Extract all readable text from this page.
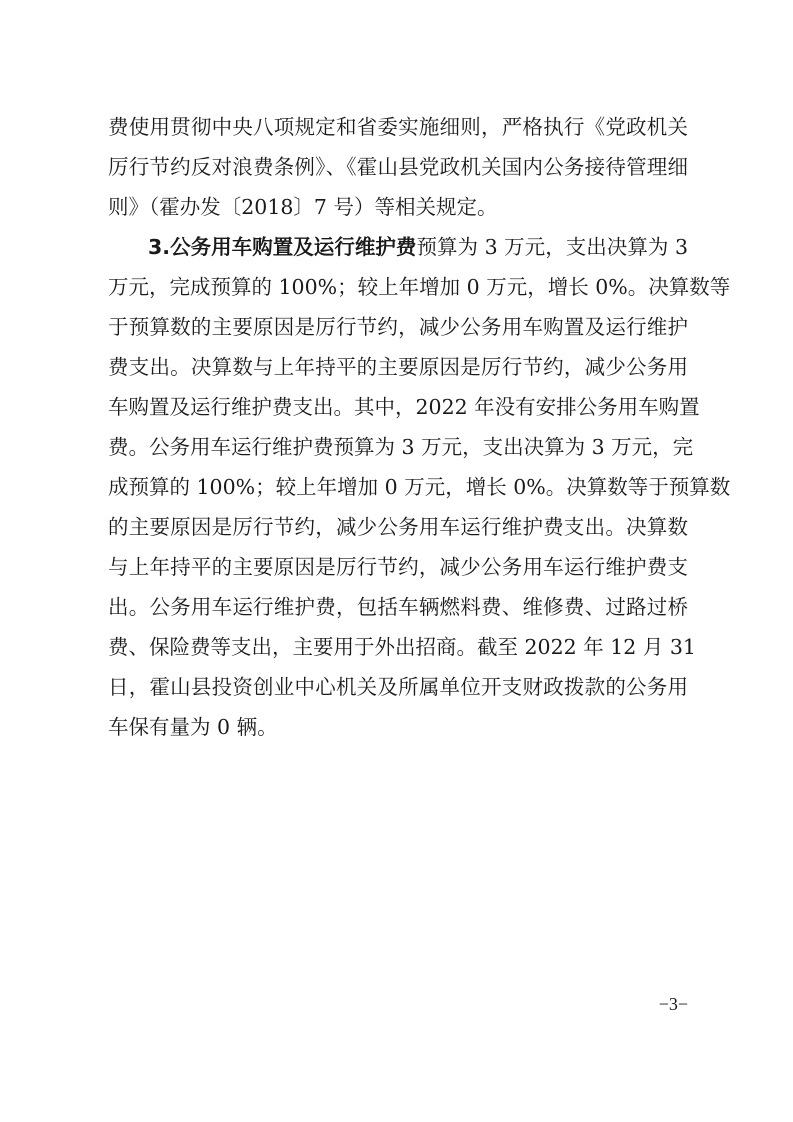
费使用贯彻中央八项规定和省委实施细则，严格执行《党政机关
厉行节约反对浪费条例》、《霍山县党政机关国内公务接待管理细
则》（霍办发〔2018〕7 号）等相关规定。
3.公务用车购置及运行维护费预算为 3 万元，支出决算为 3
万元，完成预算的 100%；较上年增加 0 万元，增长 0%。决算数等
于预算数的主要原因是厉行节约，减少公务用车购置及运行维护
费支出。决算数与上年持平的主要原因是厉行节约，减少公务用
车购置及运行维护费支出。其中，2022 年没有安排公务用车购置
费。公务用车运行维护费预算为 3 万元，支出决算为 3 万元，完
成预算的 100%；较上年增加 0 万元，增长 0%。决算数等于预算数
的主要原因是厉行节约，减少公务用车运行维护费支出。决算数
与上年持平的主要原因是厉行节约，减少公务用车运行维护费支
出。公务用车运行维护费，包括车辆燃料费、维修费、过路过桥
费、保险费等支出，主要用于外出招商。截至 2022 年 12 月 31
日，霍山县投资创业中心机关及所属单位开支财政拨款的公务用
车保有量为 0 辆。
−3−
